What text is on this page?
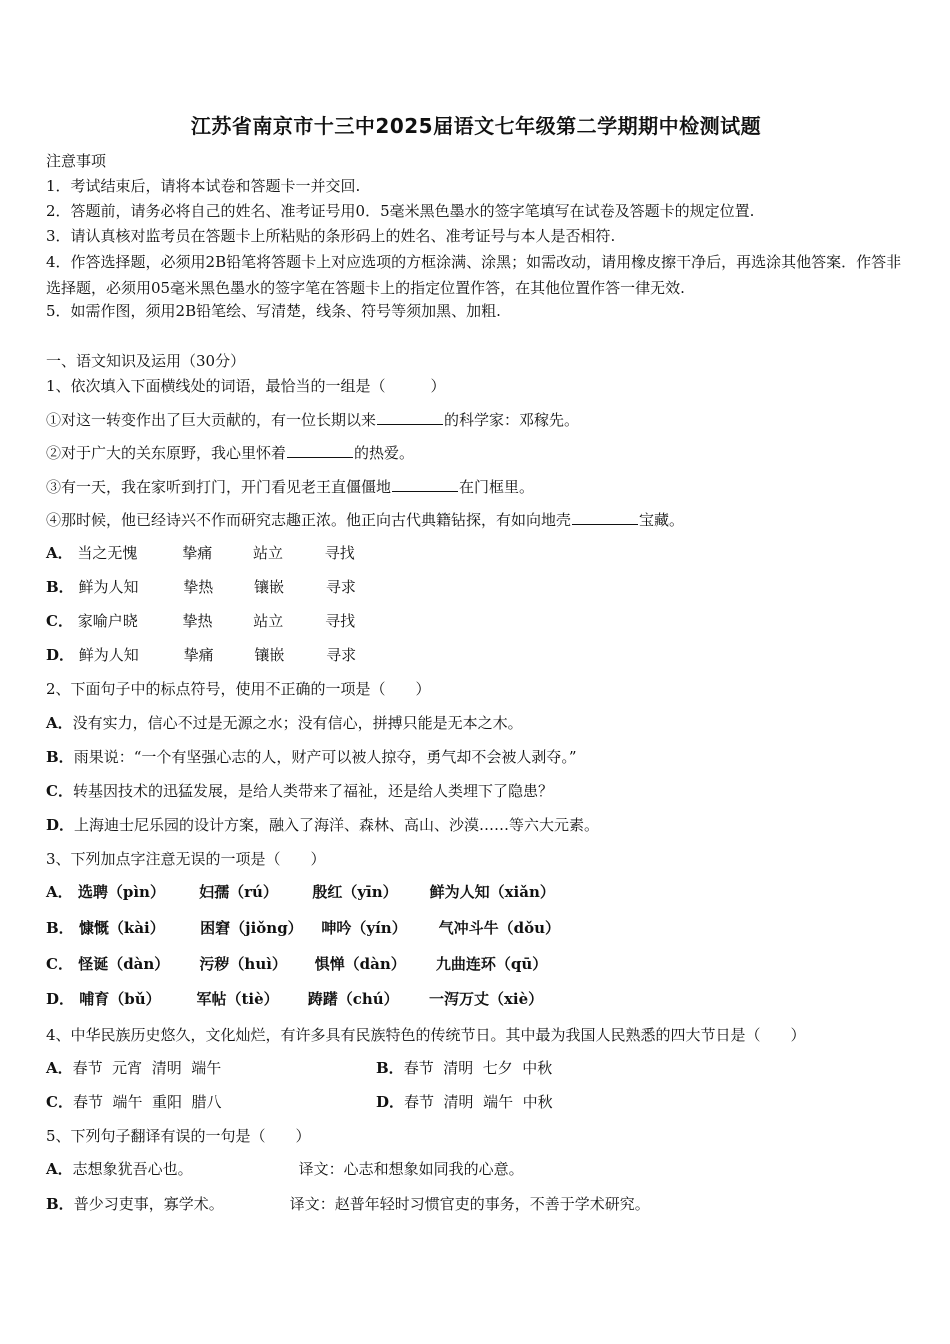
江苏省南京市十三中2025届语文七年级第二学期期中检测试题
注意事项
1．考试结束后，请将本试卷和答题卡一并交回.
2．答题前，请务必将自己的姓名、准考证号用0．5毫米黑色墨水的签字笔填写在试卷及答题卡的规定位置.
3．请认真核对监考员在答题卡上所粘贴的条形码上的姓名、准考证号与本人是否相符.
4．作答选择题，必须用2B铅笔将答题卡上对应选项的方框涂满、涂黑；如需改动，请用橡皮擦干净后，再选涂其他答案．作答非选择题，必须用05毫米黑色墨水的签字笔在答题卡上的指定位置作答，在其他位置作答一律无效.
5．如需作图，须用2B铅笔绘、写清楚，线条、符号等须加黑、加粗.
一、语文知识及运用（30分）
1、依次填入下面横线处的词语，最恰当的一组是（　　　）
①对这一转变作出了巨大贡献的，有一位长期以来	的科学家：邓稼先。
②对于广大的关东原野，我心里怀着	的热爱。
③有一天，我在家听到打门，开门看见老王直僵僵地	在门框里。
④那时候，他已经诗兴不作而研究志趣正浓。他正向古代典籍钻探，有如向地壳	宝藏。
A． 当之无愧	挚痛	站立	寻找
B． 鲜为人知	挚热	镶嵌	寻求
C． 家喻户晓	挚热	站立	寻找
D． 鲜为人知	挚痛	镶嵌	寻求
2、下面句子中的标点符号，使用不正确的一项是（　　）
A．没有实力，信心不过是无源之水；没有信心，拼搏只能是无本之木。
B．雨果说：“一个有坚强心志的人，财产可以被人掠夺，勇气却不会被人剥夺。”
C．转基因技术的迅猛发展，是给人类带来了福祉，还是给人类埋下了隐患？
D．上海迪士尼乐园的设计方案，融入了海洋、森林、高山、沙漠……等六大元素。
3、下列加点字注意无误的一项是（　　）
A． 选聘（pìn） 妇孺（rú） 殷红（yīn） 鲜为人知（xiǎn）
B． 慷慨（kài） 困窘（jiǒng） 呻吟（yín） 气冲斗牛（dǒu）
C． 怪诞（dàn） 污秽（huì） 惧惮（dàn） 九曲连环（qū）
D． 哺育（bǔ） 军帖（tiè） 踌躇（chú） 一泻万丈（xiè）
4、中华民族历史悠久，文化灿烂，有许多具有民族特色的传统节日。其中最为我国人民熟悉的四大节日是（　　）
A．春节  元宵  清明  端午	B．春节  清明  七夕  中秋
C．春节  端午  重阳  腊八	D．春节  清明  端午  中秋
5、下列句子翻译有误的一句是（　　）
A．志想象犹吾心也。	译文：心志和想象如同我的心意。
B．普少习吏事，寡学术。	译文：赵普年轻时习惯官吏的事务，不善于学术研究。
